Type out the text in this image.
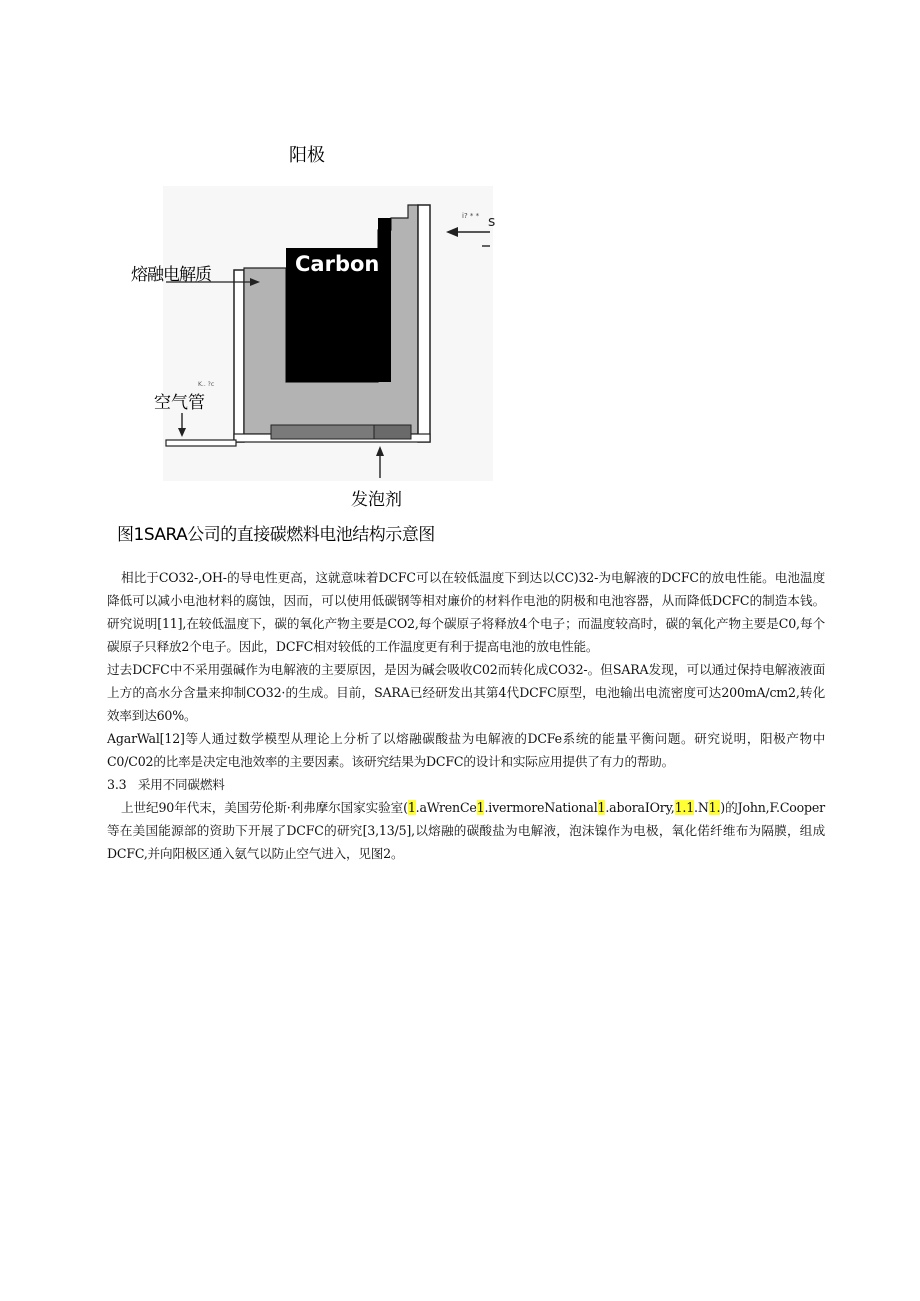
i? * * s
K.. ?c
阳极
熔融电解质	Carbon
空气管
发泡剂
图1SARA公司的直接碳燃料电池结构示意图

相比于CO32-,OH-的导电性更高，这就意味着DCFC可以在较低温度下到达以CC)32-为电解液的DCFC的放电性能。电池温度降低可以减小电池材料的腐蚀，因而，可以使用低碳钢等相对廉价的材料作电池的阴极和电池容器，从而降低DCFC的制造本钱。研究说明[11],在较低温度下，碳的氧化产物主要是CO2,每个碳原子将释放4个电子；而温度较高时，碳的氧化产物主要是C0,每个碳原子只释放2个电子。因此，DCFC相对较低的工作温度更有利于提高电池的放电性能。

过去DCFC中不采用强碱作为电解液的主要原因，是因为碱会吸收C02而转化成CO32-。但SARA发现，可以通过保持电解液液面上方的高水分含量来抑制CO32·的生成。目前，SARA已经研发出其第4代DCFC原型，电池输出电流密度可达200mA∕cm2,转化效率到达60%。

AgarWal[12]等人通过数学模型从理论上分析了以熔融碳酸盐为电解液的DCFe系统的能量平衡问题。研究说明，阳极产物中C0/C02的比率是决定电池效率的主要因素。该研究结果为DCFC的设计和实际应用提供了有力的帮助。

3.3 采用不同碳燃料

上世纪90年代末，美国劳伦斯·利弗摩尔国家实验室(1.aWrenCe1.ivermoreNational1.aboraIOry,1.1.N1.)的John,F.Cooper等在美国能源部的资助下开展了DCFC的研究[3,13/5],以熔融的碳酸盐为电解液，泡沫镍作为电极，氧化偌纤维布为隔膜，组成DCFC,并向阳极区通入氨气以防止空气进入，见图2。
